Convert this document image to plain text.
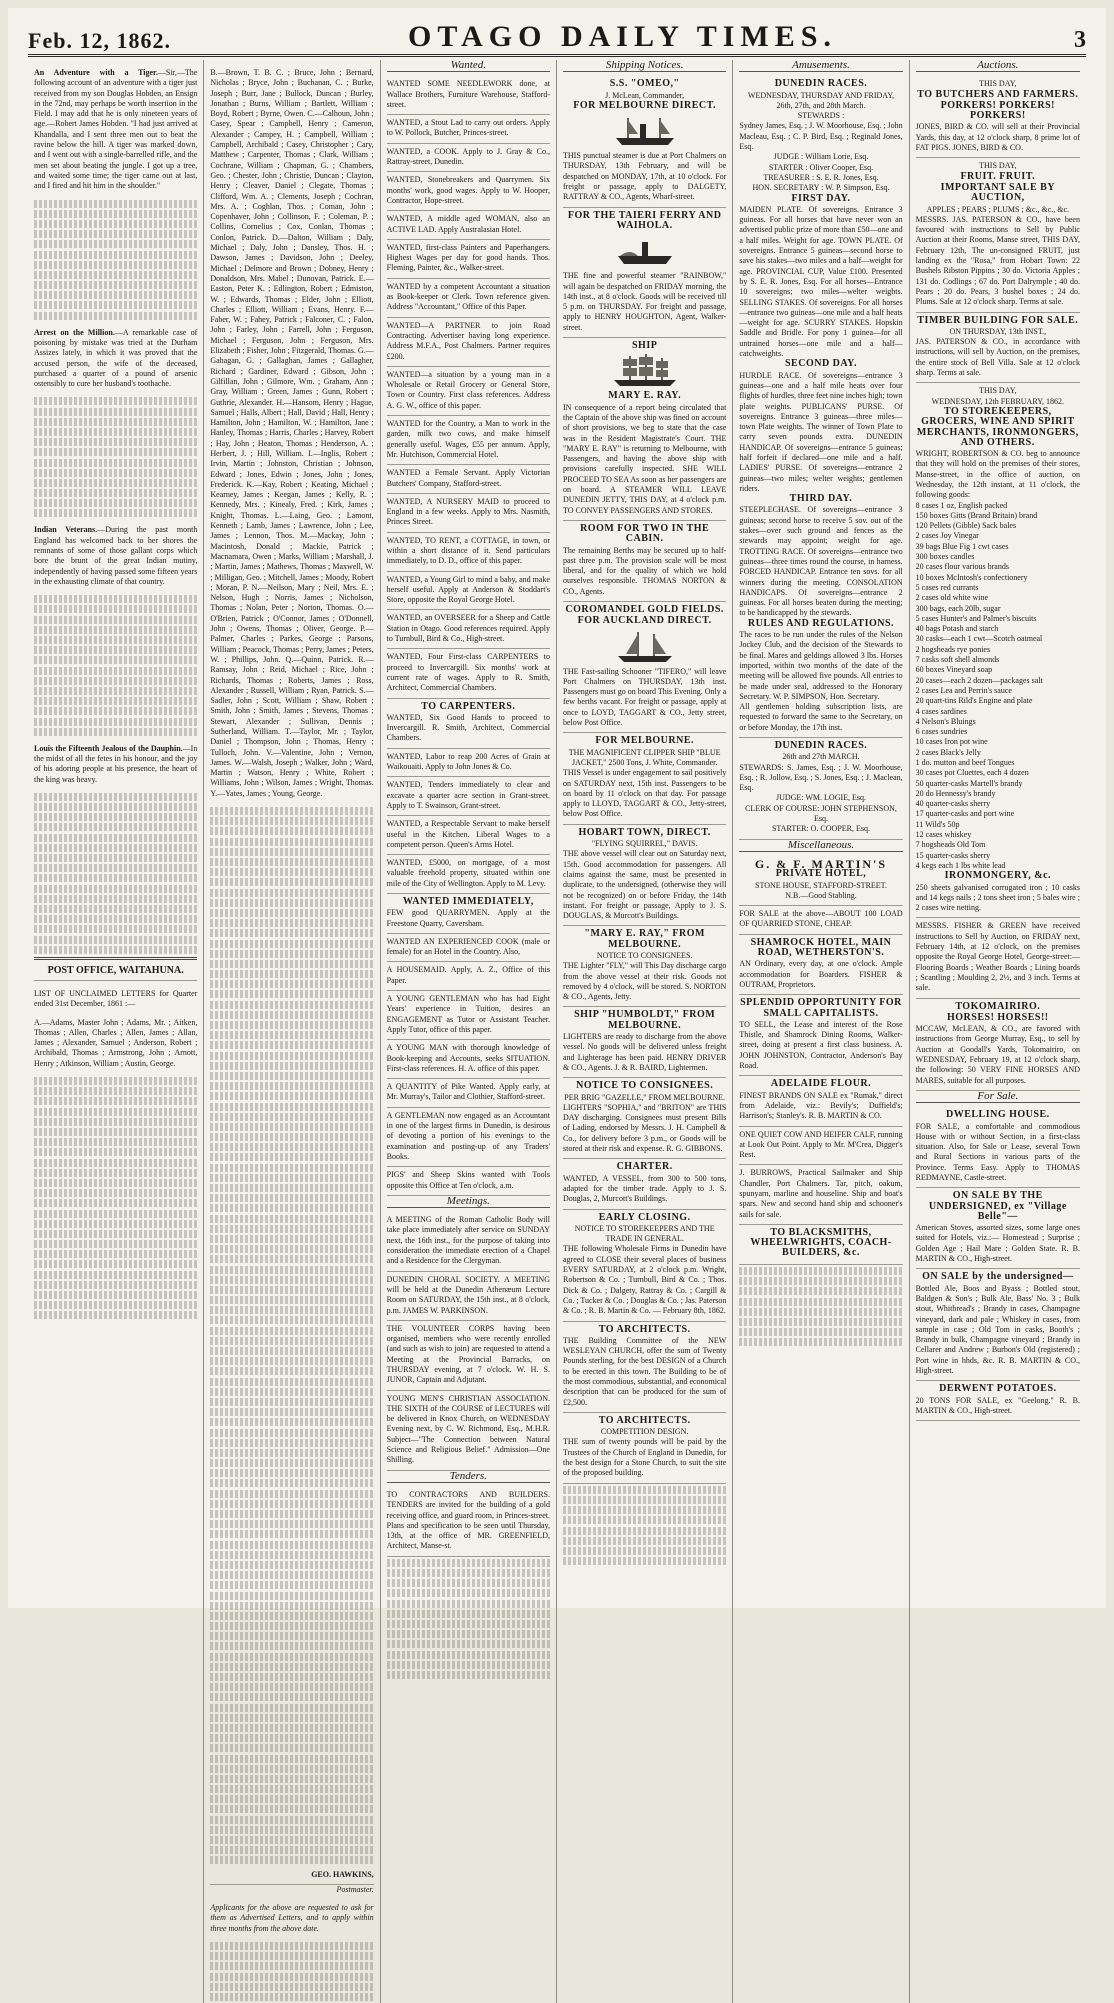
Feb. 12, 1862.	OTAGO DAILY TIMES.	3

An Adventure with a Tiger.—Sir,—The following account of an adventure with a tiger just received from my son Douglas Hobden, an Ensign in the 72nd, may perhaps be worth insertion in the Field. I may add that he is only nineteen years of age.—Robert James Hobden. "I had just arrived at Khandalla, and I sent three men out to beat the ravine below the hill. A tiger was marked down, and I went out with a single-barrelled rifle, and the men set about beating the jungle. I got up a tree, and waited some time; the tiger came out at last, and I fired and hit him in the shoulder."

Arrest on the Million.—A remarkable case of poisoning by mistake was tried at the Durham Assizes lately, in which it was proved that the accused person, the wife of the deceased, purchased a quarter of a pound of arsenic ostensibly to cure her husband's toothache.

Indian Veterans.—During the past month England has welcomed back to her shores the remnants of some of those gallant corps which bore the brunt of the great Indian mutiny, independently of having passed some fifteen years in the exhausting climate of that country.

Louis the Fifteenth Jealous of the Dauphin.—In the midst of all the fetes in his honour, and the joy of his adoring people at his presence, the heart of the king was heavy.

POST OFFICE, WAITAHUNA.

LIST OF UNCLAIMED LETTERS for Quarter ended 31st December, 1861 :—

A.—Adams, Master John ; Adams, Mr. ; Aitken, Thomas ; Allen, Charles ; Allen, James ; Allan, James ; Alexander, Samuel ; Anderson, Robert ; Archibald, Thomas ; Armstrong, John ; Arnott, Henry ; Atkinson, William ; Austin, George.

B.—Brown, T. B. C. ; Bruce, John ; Bernard, Nicholas ; Bryce, John ; Buchanan, C. ; Burke, Joseph ; Burr, Jane ; Bullock, Duncan ; Burley, Jonathan ; Burns, William ; Bartlett, William ; Boyd, Robert ; Byrne, Owen. C.—Calhoun, John ; Casey, Spear ; Campbell, Henry ; Cameron, Alexander ; Campey, H. ; Campbell, William ; Campbell, Archibald ; Casey, Christopher ; Cary, Matthew ; Carpenter, Thomas ; Clark, William ; Cochrane, William ; Chapman, G. ; Chambers, Geo. ; Chester, John ; Christie, Duncan ; Clayton, Henry ; Cleaver, Daniel ; Clegate, Thomas ; Clifford, Wm. A. ; Clements, Joseph ; Cochran, Mrs. A. ; Coghlan, Thos. ; Coman, John ; Copenhaver, John ; Collinson, F. ; Coleman, P. ; Collins, Cornelius ; Cox, Conlan, Thomas ; Conlon, Patrick. D.—Dalton, William ; Daly, Michael ; Daly, John ; Dansley, Thos. H. ; Dawson, James ; Davidson, John ; Deeley, Michael ; Delmore and Brown ; Dobney, Henry ; Donaldson, Mrs. Mabel ; Dunovan, Patrick. E.—Easton, Peter K. ; Edlington, Robert ; Edmiston, W. ; Edwards, Thomas ; Elder, John ; Elliott, Charles ; Elliott, William ; Evans, Henry. F.—Faber, W. ; Fahey, Patrick ; Falconer, C. ; Falon, John ; Farley, John ; Farrell, John ; Ferguson, Michael ; Ferguson, John ; Ferguson, Mrs. Elizabeth ; Fisher, John ; Fitzgerald, Thomas. G.—Gahagan, G. ; Gallaghan, James ; Gallagher, Richard ; Gardiner, Edward ; Gibson, John ; Gilfillan, John ; Gilmore, Wm. ; Graham, Ann ; Gray, William ; Green, James ; Gunn, Robert ; Guthrie, Alexander. H.—Hansom, Henry ; Hague, Samuel ; Halls, Albert ; Hall, David ; Hall, Henry ; Hamilton, John ; Hamilton, W. ; Hamilton, Jane ; Hanley, Thomas ; Harris, Charles ; Harvey, Robert ; Hay, John ; Heaton, Thomas ; Henderson, A. ; Herbert, J. ; Hill, William. I.—Inglis, Robert ; Irvin, Martin ; Johnston, Christian ; Johnson, Edward ; Jones, Edwin ; Jones, John ; Jones, Frederick. K.—Kay, Robert ; Keating, Michael ; Kearney, James ; Keegan, James ; Kelly, R. ; Kennedy, Mrs. ; Kinealy, Fred. ; Kirk, James ; Knight, Thomas. L.—Laing, Geo. ; Lamont, Kenneth ; Lamb, James ; Lawrence, John ; Lee, James ; Lennon, Thos. M.—Mackay, John ; Macintosh, Donald ; Mackie, Patrick ; Macnamara, Owen ; Marks, William ; Marshall, J. ; Martin, James ; Mathews, Thomas ; Maxwell, W. ; Milligan, Geo. ; Mitchell, James ; Moody, Robert ; Moran, P. N.—Neilson, Mary ; Neil, Mrs. E. ; Nelson, Hugh ; Norris, James ; Nicholson, Thomas ; Nolan, Peter ; Norton, Thomas. O.—O'Brien, Patrick ; O'Connor, James ; O'Donnell, John ; Owens, Thomas ; Oliver, George. P.—Palmer, Charles ; Parkes, George ; Parsons, William ; Peacock, Thomas ; Perry, James ; Peters, W. ; Phillips, John. Q.—Quinn, Patrick. R.—Ramsay, John ; Reid, Michael ; Rice, John ; Richards, Thomas ; Roberts, James ; Ross, Alexander ; Russell, William ; Ryan, Patrick. S.—Sadler, John ; Scott, William ; Shaw, Robert ; Smith, John ; Smith, James ; Stevens, Thomas ; Stewart, Alexander ; Sullivan, Dennis ; Sutherland, William. T.—Taylor, Mr. ; Taylor, Daniel ; Thompson, John ; Thomas, Henry ; Tulloch, John. V.—Valentine, John ; Vernon, James. W.—Walsh, Joseph ; Walker, John ; Ward, Martin ; Watson, Henry ; White, Robert ; Williams, John ; Wilson, James ; Wright, Thomas. Y.—Yates, James ; Young, George.

GEO. HAWKINS,
Postmaster.

Applicants for the above are requested to ask for them as Advertised Letters, and to apply within three months from the above date.

Wanted.
WANTED SOME NEEDLEWORK done, at Wallace Brothers, Furniture Warehouse, Stafford-street.
WANTED, a Stout Lad to carry out orders. Apply to W. Pollock, Butcher, Princes-street.
WANTED, a COOK. Apply to J. Gray & Co., Rattray-street, Dunedin.
WANTED, Stonebreakers and Quarrymen. Six months' work, good wages. Apply to W. Hooper, Contractor, Hope-street.
WANTED, A middle aged WOMAN, also an ACTIVE LAD. Apply Australasian Hotel.
WANTED, first-class Painters and Paperhangers. Highest Wages per day for good hands. Thos. Fleming, Painter, &c., Walker-street.
WANTED by a competent Accountant a situation as Book-keeper or Clerk. Town reference given. Address "Accountant," Office of this Paper.
WANTED—A PARTNER to join Road Contracting. Advertiser having long experience. Address M.F.A., Post Chalmers. Partner requires £200.
WANTED—a situation by a young man in a Wholesale or Retail Grocery or General Store, Town or Country. First class references. Address A. G. W., office of this paper.
WANTED for the Country, a Man to work in the garden, milk two cows, and make himself generally useful. Wages, £55 per annum. Apply, Mr. Hutchison, Commercial Hotel.
WANTED a Female Servant. Apply Victorian Butchers' Company, Stafford-street.
WANTED, A NURSERY MAID to proceed to England in a few weeks. Apply to Mrs. Nasmith, Princes Street.
WANTED, TO RENT, a COTTAGE, in town, or within a short distance of it. Send particulars immediately, to D. D., office of this paper.
WANTED, a Young Girl to mind a baby, and make herself useful. Apply at Anderson & Stoddart's Store, opposite the Royal George Hotel.
WANTED, an OVERSEER for a Sheep and Cattle Station in Otago. Good references required. Apply to Turnbull, Bird & Co., High-street.
WANTED, Four First-class CARPENTERS to proceed to Invercargill. Six months' work at current rate of wages. Apply to R. Smith, Architect, Commercial Chambers.
TO CARPENTERS.
WANTED, Six Good Hands to proceed to Invercargill. R. Smith, Architect, Commercial Chambers.
WANTED, Labor to reap 200 Acres of Grain at Waikouaiti. Apply to John Jones & Co.
WANTED, Tenders immediately to clear and excavate a quarter acre section in Grant-street. Apply to T. Swainson, Grant-street.
WANTED, a Respectable Servant to make herself useful in the Kitchen. Liberal Wages to a competent person. Queen's Arms Hotel.
WANTED, £5000, on mortgage, of a most valuable freehold property, situated within one mile of the City of Wellington. Apply to M. Levy.
WANTED IMMEDIATELY,
FEW good QUARRYMEN. Apply at the Freestone Quarry, Caversham.
WANTED AN EXPERIENCED COOK (male or female) for an Hotel in the Country. Also,
A HOUSEMAID. Apply, A. Z., Office of this Paper.
A YOUNG GENTLEMAN who has had Eight Years' experience in Tuition, desires an ENGAGEMENT as Tutor or Assistant Teacher. Apply Tutor, office of this paper.
A YOUNG MAN with thorough knowledge of Book-keeping and Accounts, seeks SITUATION. First-class references. H. A. office of this paper.
A QUANTITY of Pike Wanted. Apply early, at Mr. Murray's, Tailor and Clothier, Stafford-street.
A GENTLEMAN now engaged as an Accountant in one of the largest firms in Dunedin, is desirous of devoting a portion of his evenings to the examination and posting-up of any Traders' Books.
PIGS' and Sheep Skins wanted with Tools opposite this Office at Ten o'clock, a.m.
Meetings.
A MEETING of the Roman Catholic Body will take place immediately after service on SUNDAY next, the 16th inst., for the purpose of taking into consideration the immediate erection of a Chapel and a Residence for the Clergyman.
DUNEDIN CHORAL SOCIETY. A MEETING will be held at the Dunedin Athenæum Lecture Room on SATURDAY, the 15th inst., at 8 o'clock, p.m. JAMES W. PARKINSON.
THE VOLUNTEER CORPS having been organised, members who were recently enrolled (and such as wish to join) are requested to attend a Meeting at the Provincial Barracks, on THURSDAY evening, at 7 o'clock. W. H. S. JUNOR, Captain and Adjutant.
YOUNG MEN'S CHRISTIAN ASSOCIATION. THE SIXTH of the COURSE of LECTURES will be delivered in Knox Church, on WEDNESDAY Evening next, by C. W. Richmond, Esq., M.H.R. Subject—"The Connection between Natural Science and Religious Belief." Admission—One Shilling.
Tenders.
TO CONTRACTORS AND BUILDERS. TENDERS are invited for the building of a gold receiving office, and guard room, in Princes-street. Plans and specification to be seen until Thursday, 13th, at the office of MR. GREENFIELD, Architect, Manse-st.
Shipping Notices.
S.S. "OMEO,"
J. McLean, Commander,
FOR MELBOURNE DIRECT.
THIS punctual steamer is due at Port Chalmers on THURSDAY, 13th February, and will be despatched on MONDAY, 17th, at 10 o'clock. For freight or passage, apply to DALGETY, RATTRAY & CO., Agents, Wharf-street.
FOR THE TAIERI FERRY AND WAIHOLA.
THE fine and powerful steamer "RAINBOW," will again be despatched on FRIDAY morning, the 14th inst., at 8 o'clock. Goods will be received till 5 p.m. on THURSDAY. For freight and passage, apply to HENRY HOUGHTON, Agent, Walker-street.
SHIP
MARY E. RAY.
IN consequence of a report being circulated that the Captain of the above ship was fined on account of short provisions, we beg to state that the case was in the Resident Magistrate's Court. THE "MARY E. RAY" is returning to Melbourne, with Passengers, and having the above ship with provisions carefully inspected. SHE WILL PROCEED TO SEA As soon as her passengers are on board. A STEAMER WILL LEAVE DUNEDIN JETTY, THIS DAY, at 4 o'clock p.m. TO CONVEY PASSENGERS AND STORES.
ROOM FOR TWO IN THE CABIN.
The remaining Berths may be secured up to half-past three p.m. The provision scale will be most liberal, and for the quality of which we hold ourselves responsible. THOMAS NORTON & CO., Agents.
COROMANDEL GOLD FIELDS.
FOR AUCKLAND DIRECT.
THE Fast-sailing Schooner "TIFERO," will leave Port Chalmers on THURSDAY, 13th inst. Passengers must go on board This Evening. Only a few berths vacant. For freight or passage, apply at once to LOYD, TAGGART & CO., Jetty street, below Post Office.
FOR MELBOURNE.
THE MAGNIFICENT CLIPPER SHIP "BLUE JACKET," 2500 Tons, J. White, Commander.
THIS Vessel is under engagement to sail positively on SATURDAY next, 15th inst. Passengers to be on board by 11 o'clock on that day. For passage apply to LLOYD, TAGGART & CO., Jetty-street, below Post Office.
HOBART TOWN, DIRECT.
"FLYING SQUIRREL," DAVIS.
THE above vessel will clear out on Saturday next, 15th. Good accommodation for passengers. All claims against the same, must be presented in duplicate, to the undersigned, (otherwise they will not be recognized) on or before Friday, the 14th instant. For freight or passage, Apply to J. S. DOUGLAS, & Murcott's Buildings.
"MARY E. RAY," FROM MELBOURNE.
NOTICE TO CONSIGNEES.
THE Lighter "FLY," will This Day discharge cargo from the above vessel at their risk. Goods not removed by 4 o'clock, will be stored. S. NORTON & CO., Agents, Jetty.
SHIP "HUMBOLDT," FROM MELBOURNE.
LIGHTERS are ready to discharge from the above vessel. No goods will be delivered unless freight and Lighterage has been paid. HENRY DRIVER & CO., Agents. J. & R. BAIRD, Lightermen.
NOTICE TO CONSIGNEES.
PER BRIG "GAZELLE," FROM MELBOURNE.
LIGHTERS "SOPHIA," and "BRITON" are THIS DAY discharging. Consignees must present Bills of Lading, endorsed by Messrs. J. H. Campbell & Co., for delivery before 3 p.m., or Goods will be stored at their risk and expense. R. G. GIBBONS.
CHARTER.
WANTED, A VESSEL, from 300 to 500 tons, adapted for the timber trade. Apply to J. S. Douglas, 2, Murcott's Buildings.
EARLY CLOSING.
NOTICE TO STOREKEEPERS AND THE TRADE IN GENERAL.
THE following Wholesale Firms in Dunedin have agreed to CLOSE their several places of business EVERY SATURDAY, at 2 o'clock p.m. Wright, Robertson & Co. ; Turnbull, Bird & Co. ; Thos. Dick & Co. ; Dalgety, Rattray & Co. ; Cargill & Co. ; Tucker & Co. ; Douglas & Co. ; Jas. Paterson & Co. ; R. B. Martin & Co. — February 8th, 1862.
TO ARCHITECTS.
THE Building Committee of the NEW WESLEYAN CHURCH, offer the sum of Twenty Pounds sterling, for the best DESIGN of a Church to be erected in this town. The Building to be of the most commodious, substantial, and economical description that can be produced for the sum of £2,500.
TO ARCHITECTS.
COMPETITION DESIGN.
THE sum of twenty pounds will be paid by the Trustees of the Church of England in Dunedin, for the best design for a Stone Church, to suit the site of the proposed building.
Amusements.
DUNEDIN RACES.
WEDNESDAY, THURSDAY AND FRIDAY, 26th, 27th, and 28th March.
STEWARDS :
Sydney James, Esq. ; J. W. Moorhouse, Esq. ; John Macleau, Esq. ; C. P. Bird, Esq. ; Reginald Jones, Esq.

JUDGE : William Lorie, Esq.
STARTER : Oliver Cooper, Esq.
TREASURER : S. E. R. Jones, Esq.
HON. SECRETARY : W. P. Simpson, Esq.
FIRST DAY.
MAIDEN PLATE. Of sovereigns. Entrance 3 guineas. For all horses that have never won an advertised public prize of more than £50—one and a half miles. Weight for age. TOWN PLATE. Of sovereigns. Entrance 5 guineas—second horse to save his stakes—two miles and a half—weight for age. PROVINCIAL CUP, Value £100. Presented by S. E. R. Jones, Esq. For all horses—Entrance 10 sovereigns; two miles—welter weights. SELLING STAKES. Of sovereigns. For all horses—entrance two guineas—one mile and a half heats—weight for age. SCURRY STAKES. Hopskin Saddle and Bridle. For pony 1 guinea—for all untrained horses—one mile and a half—catchweights.
SECOND DAY.
HURDLE RACE. Of sovereigns—entrance 3 guineas—one and a half mile heats over four flights of hurdles, three feet nine inches high; town plate weights. PUBLICANS' PURSE. Of sovereigns. Entrance 3 guineas—three miles—town Plate weights. The winner of Town Plate to carry seven pounds extra. DUNEDIN HANDICAP. Of sovereigns—entrance 5 guineas; half forfeit if declared—one mile and a half. LADIES' PURSE. Of sovereigns—entrance 2 guineas—two miles; welter weights; gentlemen riders.
THIRD DAY.
STEEPLECHASE. Of sovereigns—entrance 3 guineas; second horse to receive 5 sov. out of the stakes—over such ground and fences as the stewards may appoint; weight for age. TROTTING RACE. Of sovereigns—entrance two guineas—three times round the course, in harness. FORCED HANDICAP. Entrance ten sovs. for all winners during the meeting. CONSOLATION HANDICAPS. Of sovereigns—entrance 2 guineas. For all horses beaten during the meeting; to be handicapped by the stewards.
RULES AND REGULATIONS.
The races to be run under the rules of the Nelson Jockey Club, and the decision of the Stewards to be final. Mares and geldings allowed 3 lbs. Horses imported, within two months of the date of the meeting will be allowed five pounds. All entries to be made under seal, addressed to the Honorary Secretary. W. P. SIMPSON, Hon. Secretary.
All gentlemen holding subscription lists, are requested to forward the same to the Secretary, on or before Monday, the 17th inst.
DUNEDIN RACES.
26th and 27th MARCH.
STEWARDS: S. James, Esq. ; J. W. Moorhouse, Esq. ; R. Jollow, Esq. ; S. Jones, Esq. ; J. Maclean, Esq.
JUDGE: WM. LOGIE, Esq.
CLERK OF COURSE: JOHN STEPHENSON, Esq.
STARTER: O. COOPER, Esq.
Miscellaneous.
G. & F. MARTIN'S
PRIVATE HOTEL,
STONE HOUSE, STAFFORD-STREET.
N.B.—Good Stabling.
FOR SALE at the above—ABOUT 100 LOAD OF QUARRIED STONE, CHEAP.
SHAMROCK HOTEL, MAIN ROAD, WETHERSTON'S.
AN Ordinary, every day, at one o'clock. Ample accommodation for Boarders. FISHER & OUTRAM, Proprietors.
SPLENDID OPPORTUNITY FOR SMALL CAPITALISTS.
TO SELL, the Lease and interest of the Rose Thistle, and Shamrock Dining Rooms, Walker-street, doing at present a first class business. A. JOHN JOHNSTON, Contractor, Anderson's Bay Road.
ADELAIDE FLOUR.
FINEST BRANDS ON SALE ex "Rumak," direct from Adelaide, viz.: Bevily's; Duffield's; Harrison's; Stanley's. R. B. MARTIN & CO.
ONE QUIET COW AND HEIFER CALF, running at Look Out Point. Apply to Mr. M'Crea, Digger's Rest.
J. BURROWS, Practical Sailmaker and Ship Chandler, Port Chalmers. Tar, pitch, oakum, spunyarn, marline and houseline. Ship and boat's spars. New and second hand ship and schooner's sails for sale.
TO BLACKSMITHS, WHEELWRIGHTS, COACH-BUILDERS, &c.
Auctions.
THIS DAY,
TO BUTCHERS AND FARMERS.
PORKERS! PORKERS! PORKERS!
JONES, BIRD & CO. will sell at their Provincial Yards, this day, at 12 o'clock sharp, 8 prime lot of FAT PIGS. JONES, BIRD & CO.
THIS DAY,
FRUIT. FRUIT.
IMPORTANT SALE BY AUCTION,
APPLES ; PEARS ; PLUMS ; &c., &c., &c.
MESSRS. JAS. PATERSON & CO., have been favoured with instructions to Sell by Public Auction at their Rooms, Manse street, THIS DAY, February 12th, The un-consigned FRUIT, just landing ex the "Rosa," from Hobart Town: 22 Bushels Ribston Pippins ; 30 do. Victoria Apples ; 131 do. Codlings ; 67 do. Port Dalrymple ; 40 do. Pears ; 20 do. Pears, 3 bushel boxes ; 24 do. Plums. Sale at 12 o'clock sharp. Terms at sale.
TIMBER BUILDING FOR SALE.
ON THURSDAY, 13th INST.,
JAS. PATERSON & CO., in accordance with instructions, will sell by Auction, on the premises, the entire stock of Bell Villa. Sale at 12 o'clock sharp. Terms at sale.
THIS DAY,
WEDNESDAY, 12th FEBRUARY, 1862.
TO STOREKEEPERS, GROCERS, WINE AND SPIRIT MERCHANTS, IRONMONGERS, AND OTHERS.
WRIGHT, ROBERTSON & CO. beg to announce that they will hold on the premises of their stores, Manse-street, in the office of auction, on Wednesday, the 12th instant, at 11 o'clock, the following goods:
8 cases 1 oz, English packed
150 boxes Gitts (Brand Britain) brand
120 Pellets (Gibble) Sack bales
2 cases Joy Vinegar
39 bags Blue Fig 1 cwt cases
300 boxes candles
20 cases flour various brands
10 boxes McIntosh's confectionery
5 cases red currants
2 cases old white wine
300 bags, each 20lb, sugar
5 cases Hunter's and Palmer's biscuits
40 bags Potash and starch
30 casks—each 1 cwt—Scotch oatmeal
2 hogsheads rye ponies
7 casks soft shell almonds
60 boxes Vineyard soap
20 cases—each 2 dozen—packages salt
2 cases Lea and Perrin's sauce
20 quart-tins Rild's Engine and plate
4 cases sardines
4 Nelson's Bluings
6 cases sundries
10 cases Iron pot wine
2 cases Black's Jelly
1 do. mutton and beef Tongues
30 cases pot Cluettes, each 4 dozen
50 quarter-casks Martell's brandy
20 do Hennessy's brandy
40 quarter-casks sherry
17 quarter-casks and port wine
11 Wild's 50p
12 cases whiskey
7 hogsheads Old Tom
15 quarter-casks sherry
4 kegs each 1 lbs white lead
IRONMONGERY, &c.
250 sheets galvanised corrugated iron ; 10 casks and 14 kegs nails ; 2 tons sheet iron ; 5 bales wire ; 2 cases wire netting.
MESSRS. FISHER & GREEN have received instructions to Sell by Auction, on FRIDAY next, February 14th, at 12 o'clock, on the premises opposite the Royal George Hotel, George-street:— Flooring Boards ; Weather Boards ; Lining boards ; Scantling ; Moulding 2, 2½, and 3 inch. Terms at sale.
TOKOMAIRIRO.
HORSES! HORSES!!
MCCAW, McLEAN, & CO., are favored with instructions from George Murray, Esq., to sell by Auction at Goodall's Yards, Tokomairiro, on WEDNESDAY, February 19, at 12 o'clock sharp, the following: 50 VERY FINE HORSES AND MARES, suitable for all purposes.
For Sale.
DWELLING HOUSE.
FOR SALE, a comfortable and commodious House with or without Section, in a first-class situation. Also, for Sale or Lease, several Town and Rural Sections in various parts of the Province. Terms Easy. Apply to THOMAS REDMAYNE, Castle-street.
ON SALE BY THE UNDERSIGNED, ex "Village Belle"—
American Stoves, assorted sizes, some large ones suited for Hotels, viz.:— Homestead ; Surprise ; Golden Age ; Hail Mare ; Golden State. R. B. MARTIN & CO., High-street.
ON SALE by the undersigned—
Bottled Ale, Boos and Byass ; Bottled stout, Baldgen & Son's ; Bulk Ale, Bass' No. 3 ; Bulk stout, Whitbread's ; Brandy in cases, Champagne vineyard, dark and pale ; Whiskey in cases, from sample in case ; Old Tom in casks, Booth's ; Brandy in bulk, Champagne vineyard ; Brandy in Cellarer and Andrew ; Burbon's Old (registered) ; Port wine in hhds, &c. R. B. MARTIN & CO., High-street.
DERWENT POTATOES.
20 TONS FOR SALE, ex "Geelong." R. B. MARTIN & CO., High-street.
